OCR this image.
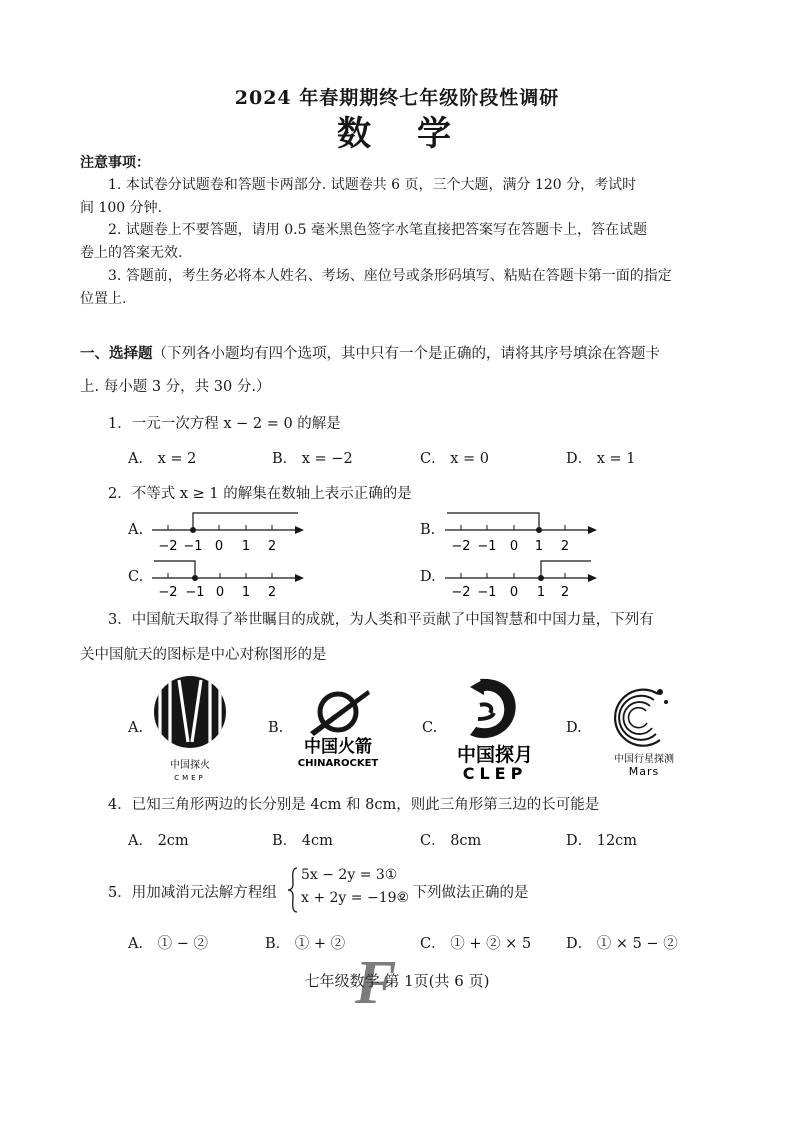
2024 年春期期终七年级阶段性调研
数学
注意事项：
1. 本试卷分试题卷和答题卡两部分. 试题卷共 6 页，三个大题，满分 120 分，考试时
间 100 分钟.
2. 试题卷上不要答题，请用 0.5 毫米黑色签字水笔直接把答案写在答题卡上，答在试题
卷上的答案无效.
3. 答题前，考生务必将本人姓名、考场、座位号或条形码填写、粘贴在答题卡第一面的指定
位置上.
一、选择题（下列各小题均有四个选项，其中只有一个是正确的，请将其序号填涂在答题卡
上. 每小题 3 分，共 30 分.）
1．一元一次方程 x − 2 = 0 的解是
A． x = 2	B． x = −2	C． x = 0	D． x = 1
2．不等式 x ≥ 1 的解集在数轴上表示正确的是
A.
−2 −1 0 1 2
B.
−2 −1 0 1 2
C.
−2 −1 0 1 2
D.
−2 −1 0 1 2
3．中国航天取得了举世瞩目的成就，为人类和平贡献了中国智慧和中国力量，下列有
关中国航天的图标是中心对称图形的是
A.
中国探火
CMEP
B.
中国火箭
CHINAROCKET
C.
中国探月
CLEP
D.
中国行星探测
Mars
4．已知三角形两边的长分别是 4cm 和 8cm，则此三角形第三边的长可能是
A． 2cm	B． 4cm	C． 8cm	D． 12cm
5．用加减消元法解方程组
5x − 2y = 3①
x + 2y = −19②
，下列做法正确的是
A． ① − ②	B． ① + ②	C． ① + ② × 5 D． ① × 5 − ②
F
七年级数学 第 1页(共 6 页)
